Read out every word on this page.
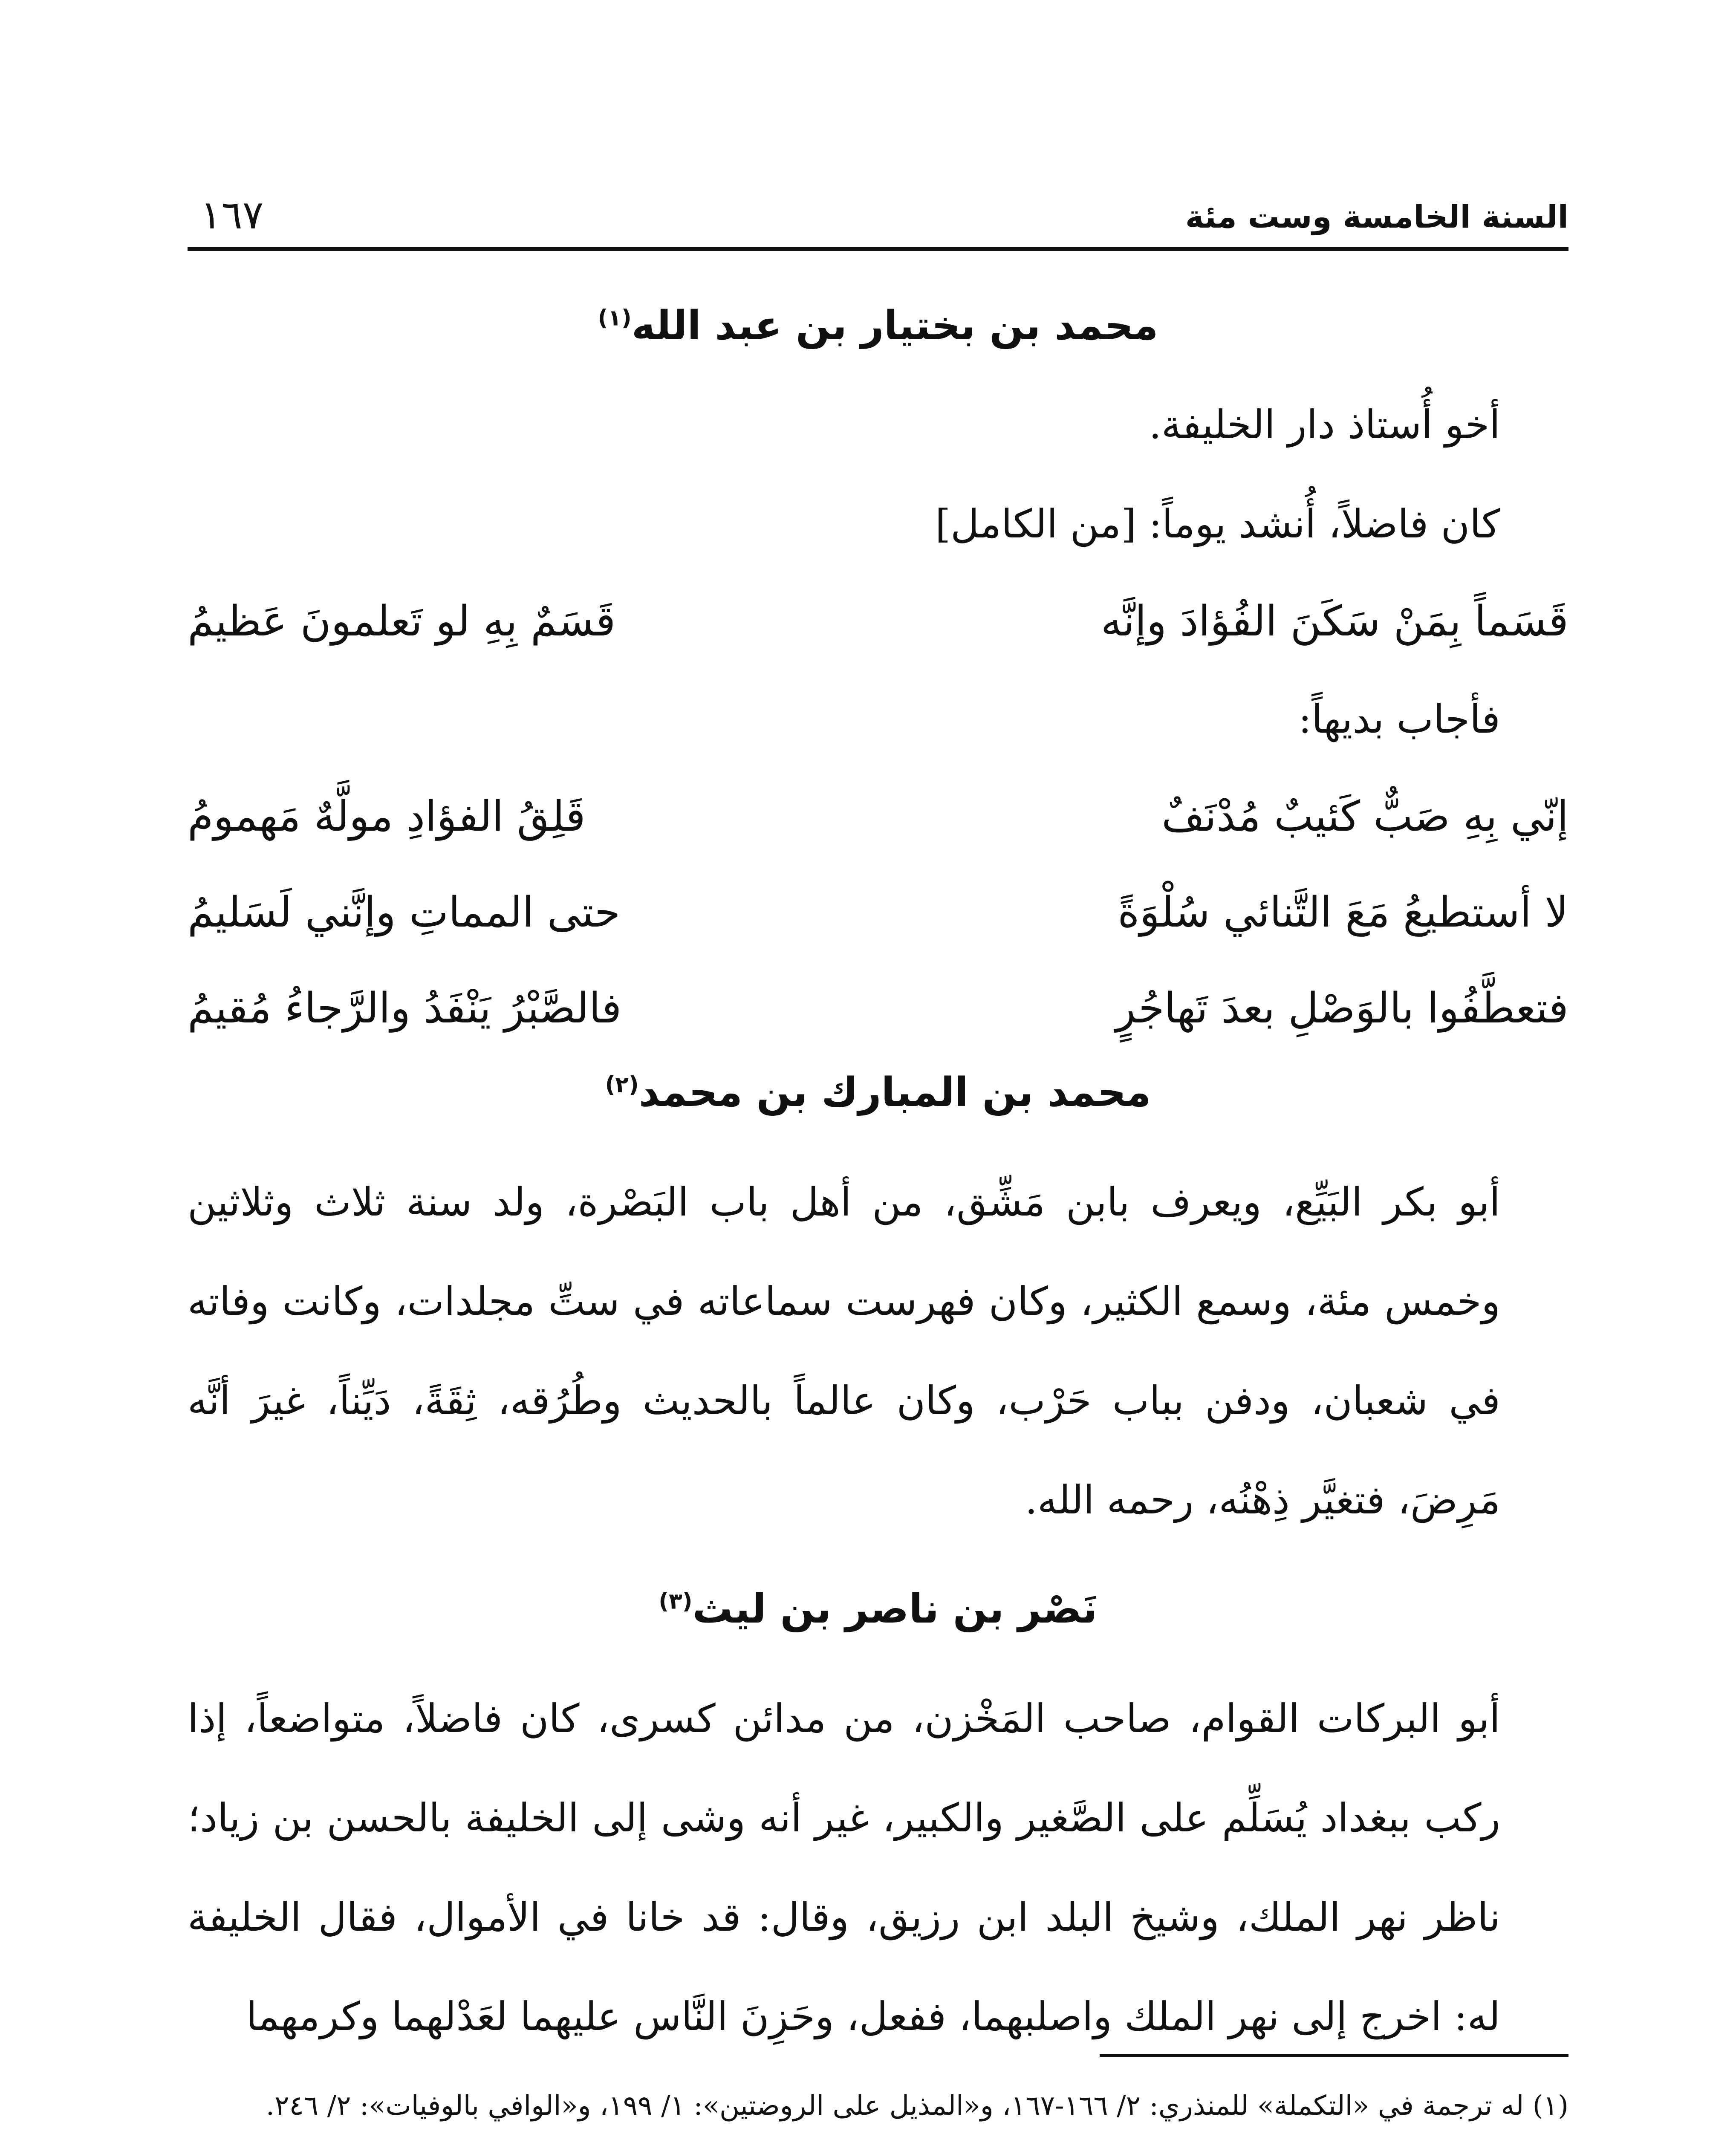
السنة الخامسة وست مئة
١٦٧
محمد بن بختيار بن عبد الله$^{(١)}$

أخو أُستاذ دار الخليفة.

كان فاضلاً، أُنشد يوماً: [من الكامل]

قَسَماً بِمَنْ سَكَنَ الفُؤادَ وإنَّه
قَسَمٌ بِهِ لو تَعلمونَ عَظيمُ

فأجاب بديهاً:

إنّي بِهِ صَبٌّ كَئيبٌ مُدْنَفٌ
قَلِقُ الفؤادِ مولَّهٌ مَهمومُ
لا أستطيعُ مَعَ التَّنائي سُلْوَةً
حتى المماتِ وإنَّني لَسَليمُ
فتعطَّفُوا بالوَصْلِ بعدَ تَهاجُرٍ
فالصَّبْرُ يَنْفَدُ والرَّجاءُ مُقيمُ
محمد بن المبارك بن محمد$^{(٢)}$

أبو بكر البَيِّع، ويعرف بابن مَشِّق، من أهل باب البَصْرة، ولد سنة ثلاث وثلاثين وخمس مئة، وسمع الكثير، وكان فهرست سماعاته في ستِّ مجلدات، وكانت وفاته في شعبان، ودفن بباب حَرْب، وكان عالماً بالحديث وطُرُقه، ثِقَةً، دَيِّناً، غيرَ أنَّه مَرِضَ، فتغيَّر ذِهْنُه، رحمه الله.

نَصْر بن ناصر بن ليث$^{(٣)}$

أبو البركات القوام، صاحب المَخْزن، من مدائن كسرى، كان فاضلاً، متواضعاً، إذا ركب ببغداد يُسَلِّم على الصَّغير والكبير، غير أنه وشى إلى الخليفة بالحسن بن زياد؛ ناظر نهر الملك، وشيخ البلد ابن رزيق، وقال: قد خانا في الأموال، فقال الخليفة له: اخرج إلى نهر الملك واصلبهما، ففعل، وحَزِنَ النَّاس عليهما لعَدْلهما وكرمهما

(١) له ترجمة في «التكملة» للمنذري: ٢/ ١٦٦-١٦٧، و«المذيل على الروضتين»: ١/ ١٩٩، و«الوافي بالوفيات»: ٢/ ٢٤٦.
